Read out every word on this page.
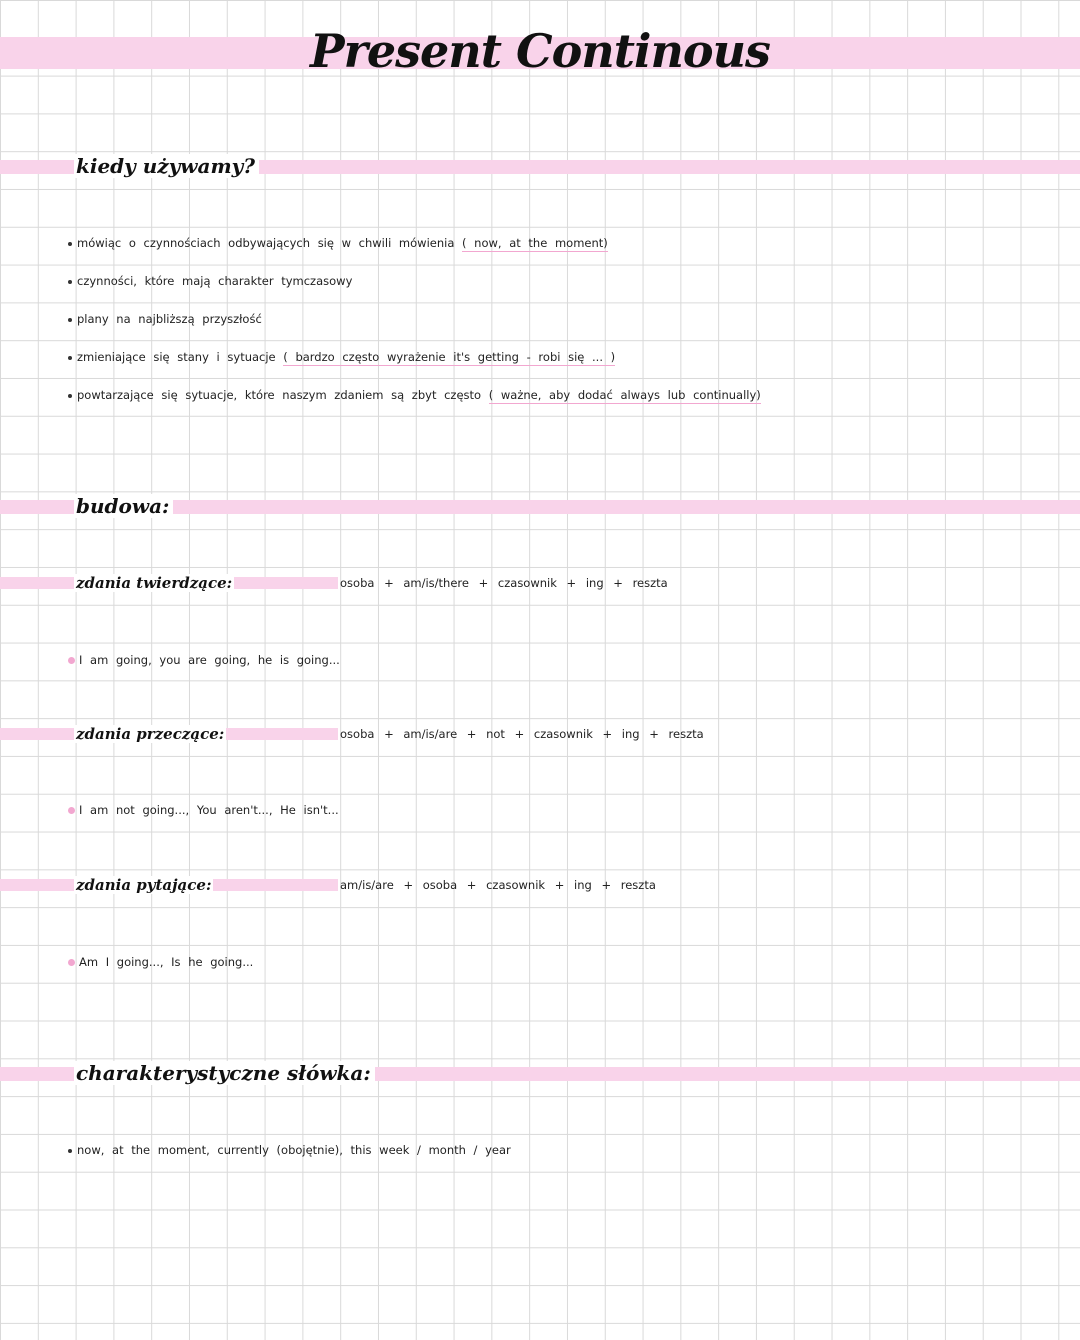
Present Continous
kiedy używamy?
mówiąc o czynnościach odbywających się w chwili mówienia ( now, at the moment)
czynności, które mają charakter tymczasowy
plany na najbliższą przyszłość
zmieniające się stany i sytuacje ( bardzo często wyrażenie it's getting - robi się ... )
powtarzające się sytuacje, które naszym zdaniem są zbyt często ( ważne, aby dodać always lub continually)
budowa:
zdania twierdzące:	osoba + am/is/there + czasownik + ing + reszta
I am going, you are going, he is going...
zdania przeczące:	osoba + am/is/are + not + czasownik + ing + reszta
I am not going..., You aren't..., He isn't...
zdania pytające:	am/is/are + osoba + czasownik + ing + reszta
Am I going..., Is he going...
charakterystyczne słówka:
now, at the moment, currently (obojętnie), this week / month / year
